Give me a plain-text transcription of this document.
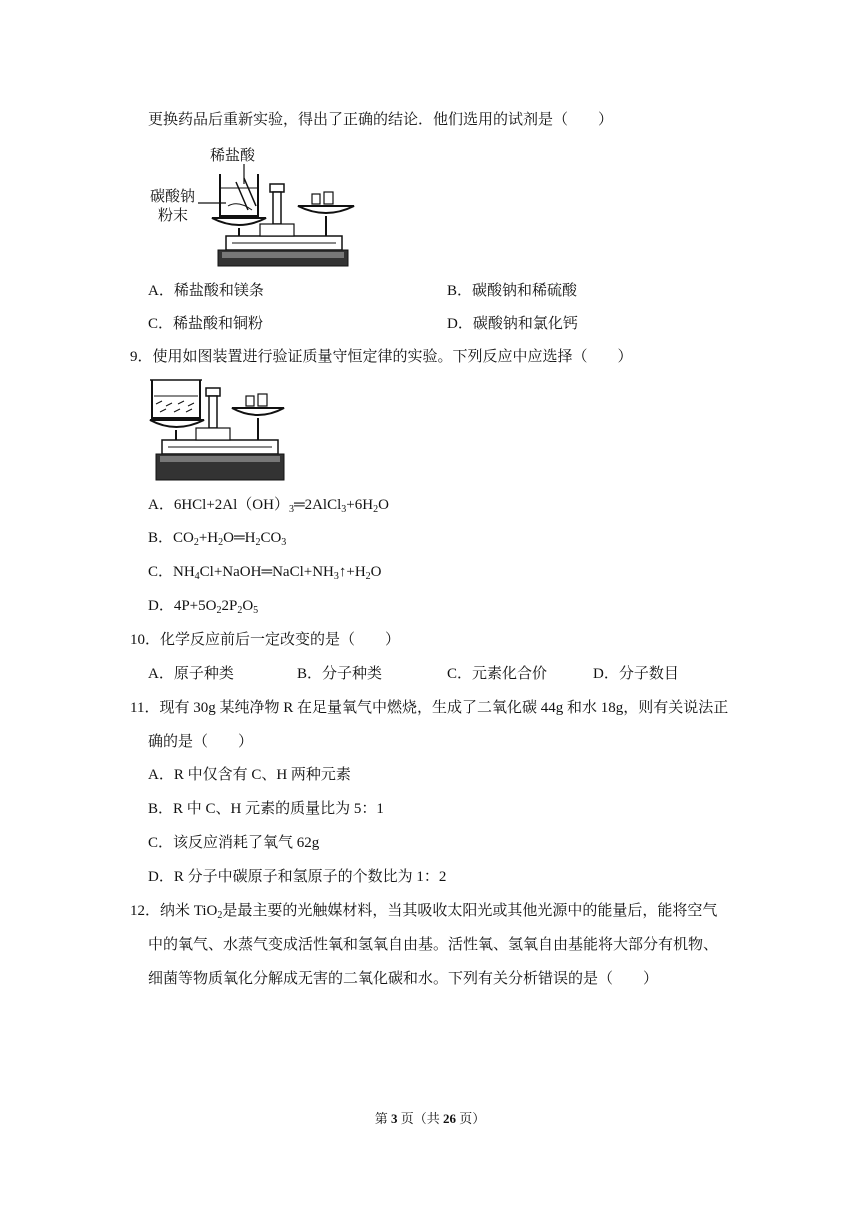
更换药品后重新实验，得出了正确的结论．他们选用的试剂是（　　）
稀盐酸
碳酸钠
粉末
A．稀盐酸和镁条	B．碳酸钠和稀硫酸
C．稀盐酸和铜粉	D．碳酸钠和氯化钙
9．使用如图装置进行验证质量守恒定律的实验。下列反应中应选择（　　）
A．$6HCl+2Al(OH)_3═2AlCl_3+6H_2O$
B．$CO_2+H_2O═H_2CO_3$
C．$NH_4Cl+NaOH═NaCl+NH_3↑+H_2O$
D．$4P+5O_22P_2O_5$
10．化学反应前后一定改变的是（　　）
A．原子种类	B．分子种类	C．元素化合价	D．分子数目
11．现有 30g 某纯净物 R 在足量氧气中燃烧，生成了二氧化碳 44g 和水 18g，则有关说法正
确的是（　　）
A．R 中仅含有 C、H 两种元素
B．R 中 C、H 元素的质量比为 5：1
C．该反应消耗了氧气 62g
D．R 分子中碳原子和氢原子的个数比为 1：2
12．纳米 TiO$_2$是最主要的光触媒材料，当其吸收太阳光或其他光源中的能量后，能将空气
中的氧气、水蒸气变成活性氧和氢氧自由基。活性氧、氢氧自由基能将大部分有机物、
细菌等物质氧化分解成无害的二氧化碳和水。下列有关分析错误的是（　　）
第 3 页（共 26 页）
